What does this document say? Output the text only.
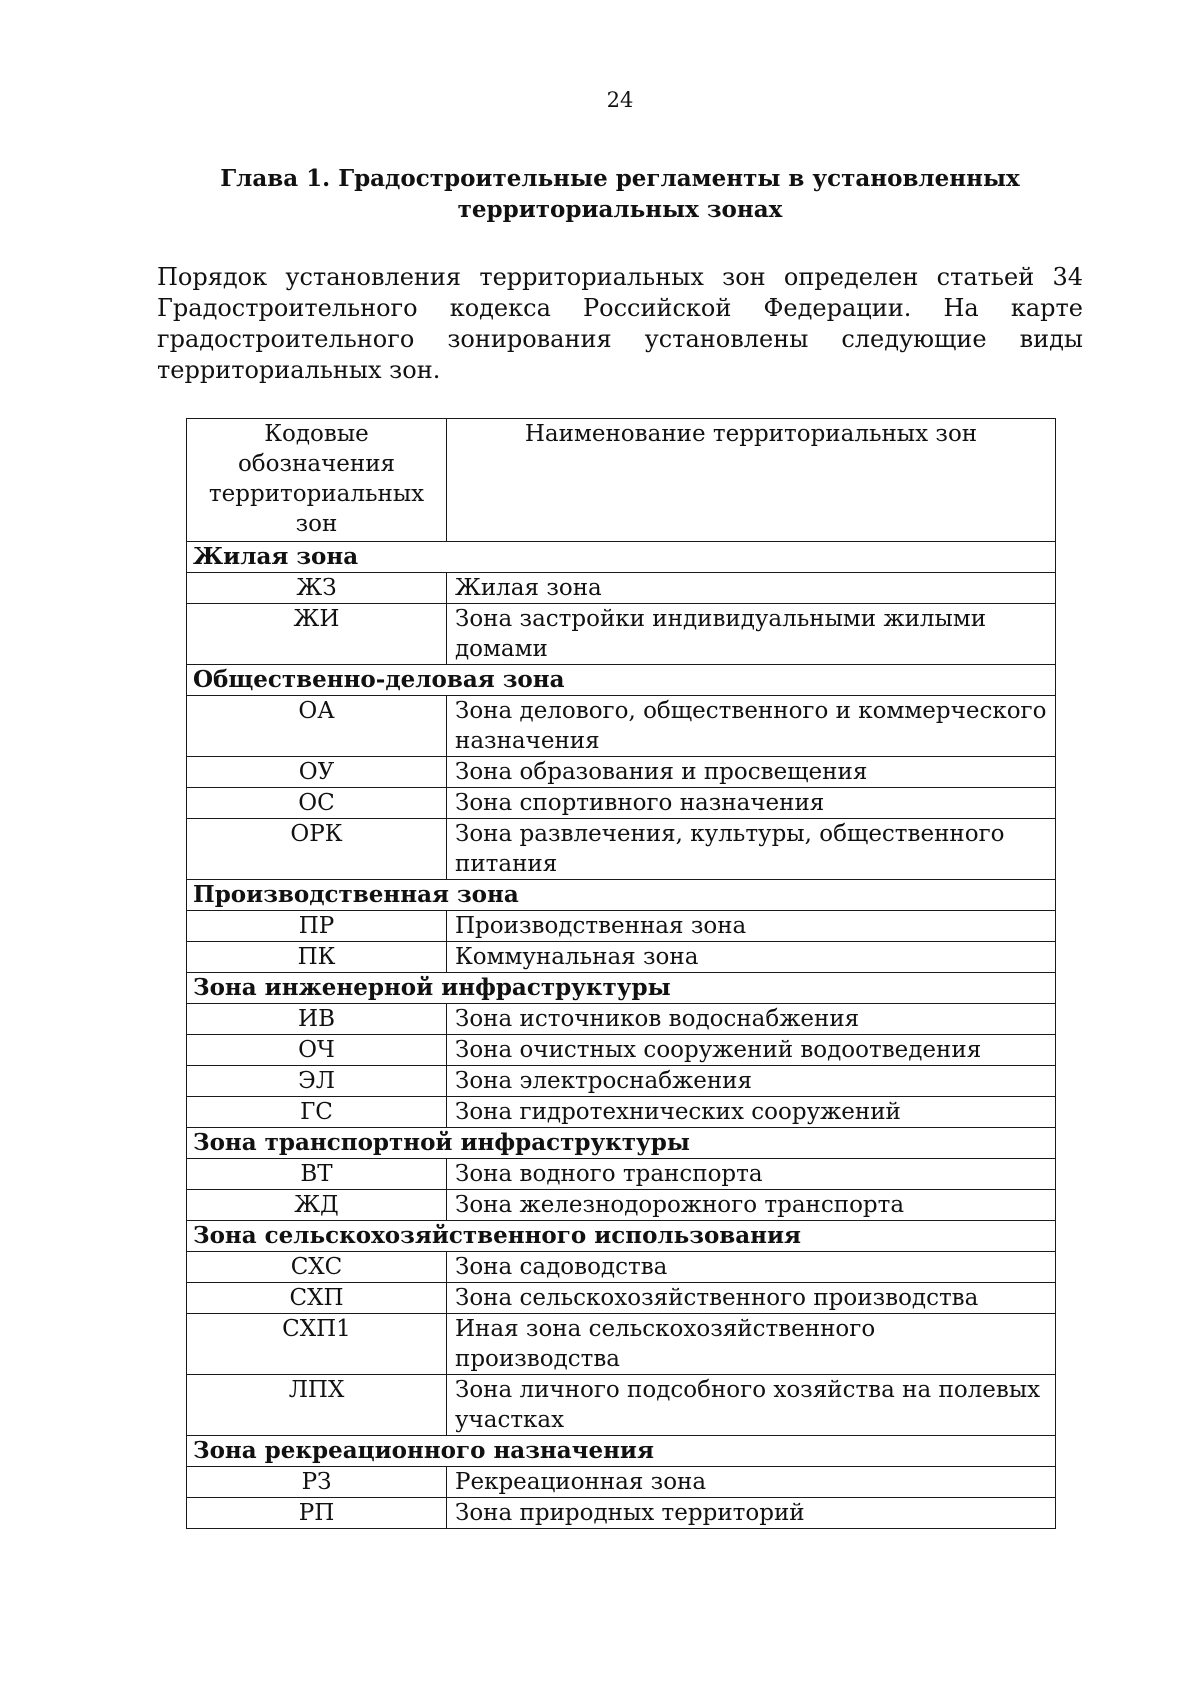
24
Глава 1. Градостроительные регламенты в установленных
территориальных зонах
Порядок установления территориальных зон определен статьей 34 Градостроительного кодекса Российской Федерации. На карте градостроительного зонирования установлены следующие виды территориальных зон.
Кодовые обозначения территориальных зон	Наименование территориальных зон
Жилая зона	
ЖЗ	Жилая зона
ЖИ	Зона застройки индивидуальными жилыми домами
Общественно-деловая зона	
ОА	Зона делового, общественного и коммерческого назначения
ОУ	Зона образования и просвещения
ОС	Зона спортивного назначения
ОРК	Зона развлечения, культуры, общественного питания
Производственная зона	
ПР	Производственная зона
ПК	Коммунальная зона
Зона инженерной инфраструктуры	
ИВ	Зона источников водоснабжения
ОЧ	Зона очистных сооружений водоотведения
ЭЛ	Зона электроснабжения
ГС	Зона гидротехнических сооружений
Зона транспортной инфраструктуры	
ВТ	Зона водного транспорта
ЖД	Зона железнодорожного транспорта
Зона сельскохозяйственного использования	
СХС	Зона садоводства
СХП	Зона сельскохозяйственного производства
СХП1	Иная зона сельскохозяйственного производства
ЛПХ	Зона личного подсобного хозяйства на полевых участках
Зона рекреационного назначения	
РЗ	Рекреационная зона
РП	Зона природных территорий
